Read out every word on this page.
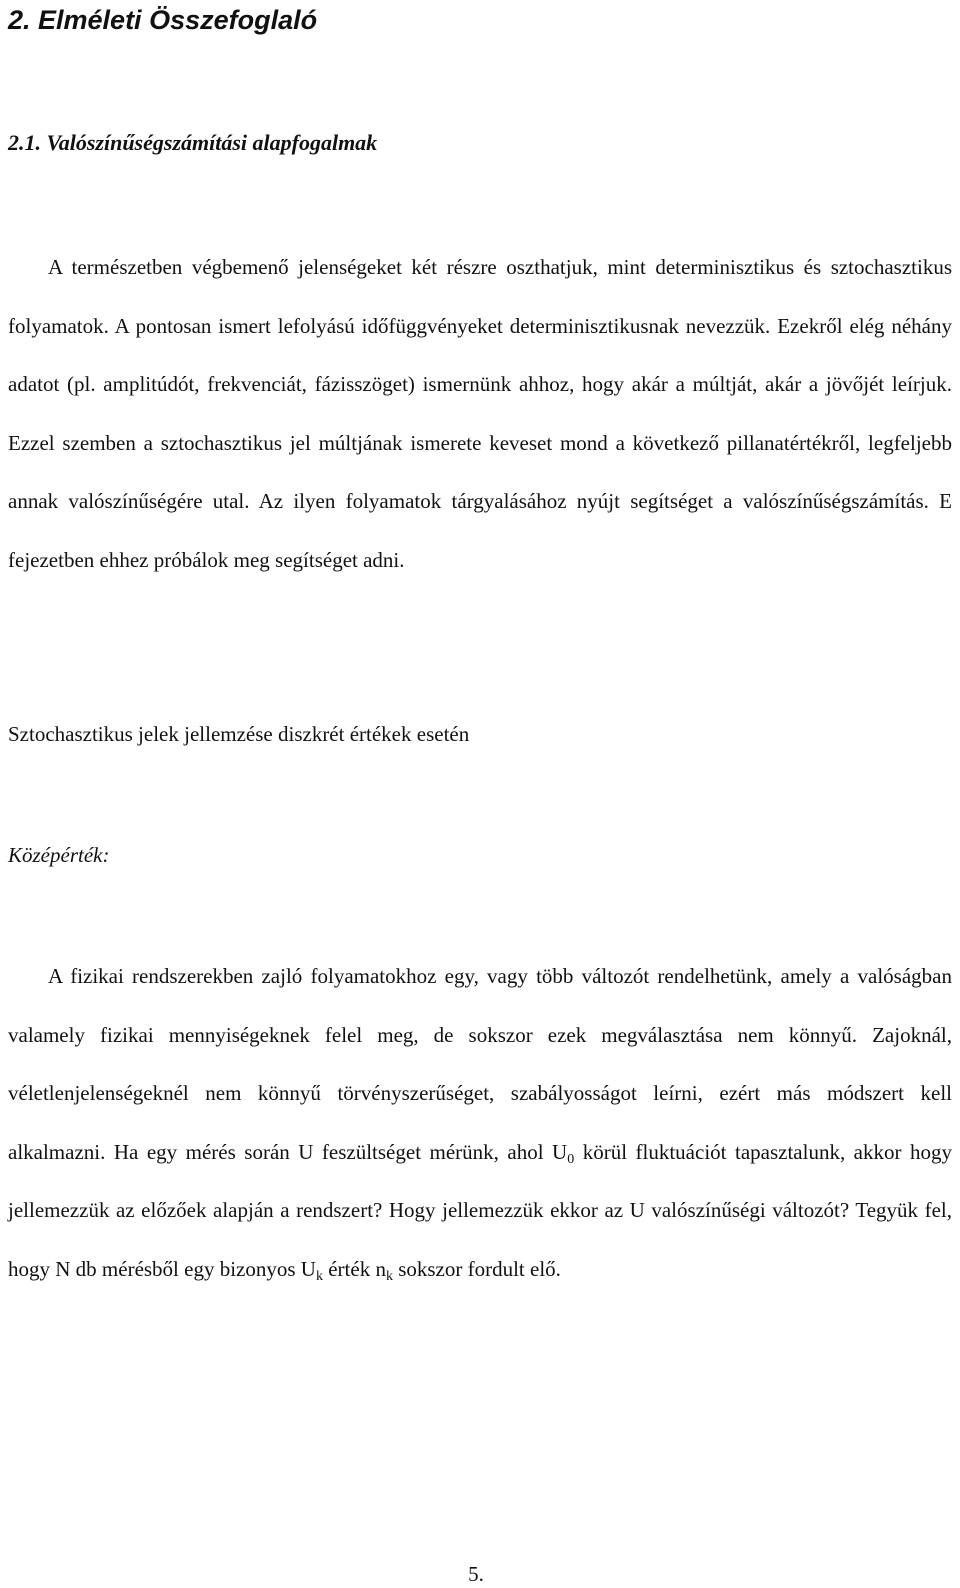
2. Elméleti Összefoglaló
2.1. Valószínűségszámítási alapfogalmak

A természetben végbemenő jelenségeket két részre oszthatjuk, mint determinisztikus és sztochasztikus folyamatok. A pontosan ismert lefolyású időfüggvényeket determinisztikusnak nevezzük. Ezekről elég néhány adatot (pl. amplitúdót, frekvenciát, fázisszöget) ismernünk ahhoz, hogy akár a múltját, akár a jövőjét leírjuk. Ezzel szemben a sztochasztikus jel múltjának ismerete keveset mond a következő pillanatértékről, legfeljebb annak valószínűségére utal. Az ilyen folyamatok tárgyalásához nyújt segítséget a valószínűségszámítás. E fejezetben ehhez próbálok meg segítséget adni.

Sztochasztikus jelek jellemzése diszkrét értékek esetén
Középérték:

A fizikai rendszerekben zajló folyamatokhoz egy, vagy több változót rendelhetünk, amely a valóságban valamely fizikai mennyiségeknek felel meg, de sokszor ezek megválasztása nem könnyű. Zajoknál, véletlenjelenségeknél nem könnyű törvényszerűséget, szabályosságot leírni, ezért más módszert kell alkalmazni. Ha egy mérés során U feszültséget mérünk, ahol $U_0$ körül fluktuációt tapasztalunk, akkor hogy jellemezzük az előzőek alapján a rendszert? Hogy jellemezzük ekkor az U valószínűségi változót? Tegyük fel, hogy N db mérésből egy bizonyos $U_k$ érték $n_k$ sokszor fordult elő.

5.
